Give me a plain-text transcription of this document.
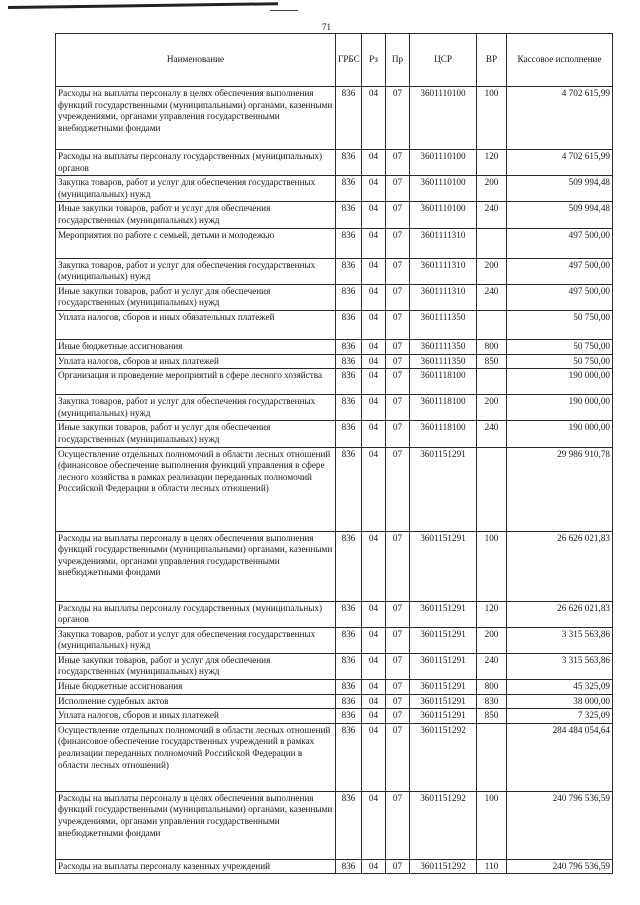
71
Наименование	ГРБС	Рз	Пр	ЦСР	ВР	Кассовое исполнение
Расходы на выплаты персоналу в целях обеспечения выполнения функций государственными (муниципальными) органами, казенными учреждениями, органами управления государственными внебюджетными фондами	836	04	07	3601110100	100	4 702 615,99
Расходы на выплаты персоналу государственных (муниципальных) органов	836	04	07	3601110100	120	4 702 615,99
Закупка товаров, работ и услуг для обеспечения государственных (муниципальных) нужд	836	04	07	3601110100	200	509 994,48
Иные закупки товаров, работ и услуг для обеспечения государственных (муниципальных) нужд	836	04	07	3601110100	240	509 994,48
Мероприятия по работе с семьей, детьми и молодежью	836	04	07	3601111310		497 500,00
Закупка товаров, работ и услуг для обеспечения государственных (муниципальных) нужд	836	04	07	3601111310	200	497 500,00
Иные закупки товаров, работ и услуг для обеспечения государственных (муниципальных) нужд	836	04	07	3601111310	240	497 500,00
Уплата налогов, сборов и иных обязательных платежей	836	04	07	3601111350		50 750,00
Иные бюджетные ассигнования	836	04	07	3601111350	800	50 750,00
Уплата налогов, сборов и иных платежей	836	04	07	3601111350	850	50 750,00
Организация и проведение мероприятий в сфере лесного хозяйства	836	04	07	3601118100		190 000,00
Закупка товаров, работ и услуг для обеспечения государственных (муниципальных) нужд	836	04	07	3601118100	200	190 000,00
Иные закупки товаров, работ и услуг для обеспечения государственных (муниципальных) нужд	836	04	07	3601118100	240	190 000,00
Осуществление отдельных полномочий в области лесных отношений (финансовое обеспечение выполнения функций управления в сфере лесного хозяйства в рамках реализации переданных полномочий Российской Федерации в области лесных отношений)	836	04	07	3601151291		29 986 910,78
Расходы на выплаты персоналу в целях обеспечения выполнения функций государственными (муниципальными) органами, казенными учреждениями, органами управления государственными внебюджетными фондами	836	04	07	3601151291	100	26 626 021,83
Расходы на выплаты персоналу государственных (муниципальных) органов	836	04	07	3601151291	120	26 626 021,83
Закупка товаров, работ и услуг для обеспечения государственных (муниципальных) нужд	836	04	07	3601151291	200	3 315 563,86
Иные закупки товаров, работ и услуг для обеспечения государственных (муниципальных) нужд	836	04	07	3601151291	240	3 315 563,86
Иные бюджетные ассигнования	836	04	07	3601151291	800	45 325,09
Исполнение судебных актов	836	04	07	3601151291	830	38 000,00
Уплата налогов, сборов и иных платежей	836	04	07	3601151291	850	7 325,09
Осуществление отдельных полномочий в области лесных отношений (финансовое обеспечение государственных учреждений в рамках реализации переданных полномочий Российской Федерации в области лесных отношений)	836	04	07	3601151292		284 484 054,64
Расходы на выплаты персоналу в целях обеспечения выполнения функций государственными (муниципальными) органами, казенными учреждениями, органами управления государственными внебюджетными фондами	836	04	07	3601151292	100	240 796 536,59
Расходы на выплаты персоналу казенных учреждений	836	04	07	3601151292	110	240 796 536,59
